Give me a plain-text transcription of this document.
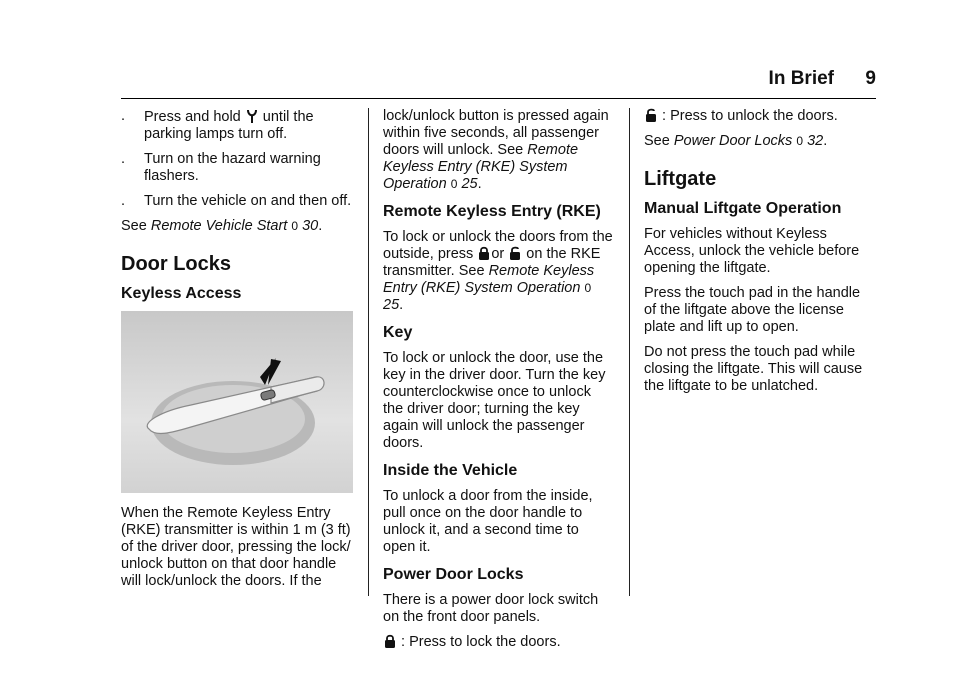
In Brief 9
. Press and hold until the parking lamps turn off.
. Turn on the hazard warning flashers.
. Turn the vehicle on and then off.

See Remote Vehicle Start 0 30.

Door Locks
Keyless Access

When the Remote Keyless Entry (RKE) transmitter is within 1 m (3 ft) of the driver door, pressing the lock/ unlock button on that door handle will lock/unlock the doors. If the

lock/unlock button is pressed again within five seconds, all passenger doors will unlock. See Remote Keyless Entry (RKE) System Operation 0 25.

Remote Keyless Entry (RKE)

To lock or unlock the doors from the outside, press or on the RKE transmitter. See Remote Keyless Entry (RKE) System Operation 0 25.

Key

To lock or unlock the door, use the key in the driver door. Turn the key counterclockwise once to unlock the driver door; turning the key again will unlock the passenger doors.

Inside the Vehicle

To unlock a door from the inside, pull once on the door handle to unlock it, and a second time to open it.

Power Door Locks

There is a power door lock switch on the front door panels.

: Press to lock the doors.

: Press to unlock the doors.

See Power Door Locks 0 32.

Liftgate
Manual Liftgate Operation

For vehicles without Keyless Access, unlock the vehicle before opening the liftgate.

Press the touch pad in the handle of the liftgate above the license plate and lift up to open.

Do not press the touch pad while closing the liftgate. This will cause the liftgate to be unlatched.
